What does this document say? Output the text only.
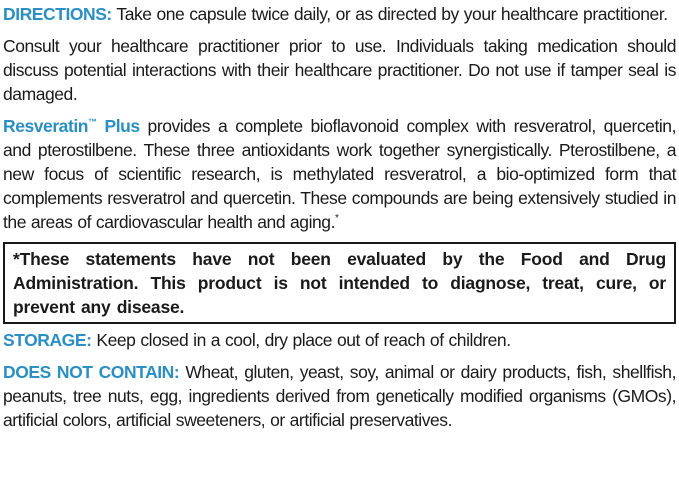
DIRECTIONS: Take one capsule twice daily, or as directed by your healthcare practitioner.

Consult your healthcare practitioner prior to use. Individuals taking medication should discuss potential interactions with their healthcare practitioner. Do not use if tamper seal is damaged.

Resveratin™ Plus provides a complete bioflavonoid complex with resveratrol, quercetin, and pterostilbene. These three antioxidants work together synergistically. Pterostilbene, a new focus of scientific research, is methylated resveratrol, a bio-optimized form that complements resveratrol and quercetin. These compounds are being extensively studied in the areas of cardiovascular health and aging.*

*These statements have not been evaluated by the Food and Drug Administration. This product is not intended to diagnose, treat, cure, or prevent any disease.

STORAGE: Keep closed in a cool, dry place out of reach of children.

DOES NOT CONTAIN: Wheat, gluten, yeast, soy, animal or dairy products, fish, shellfish, peanuts, tree nuts, egg, ingredients derived from genetically modified organisms (GMOs), artificial colors, artificial sweeteners, or artificial preservatives.
